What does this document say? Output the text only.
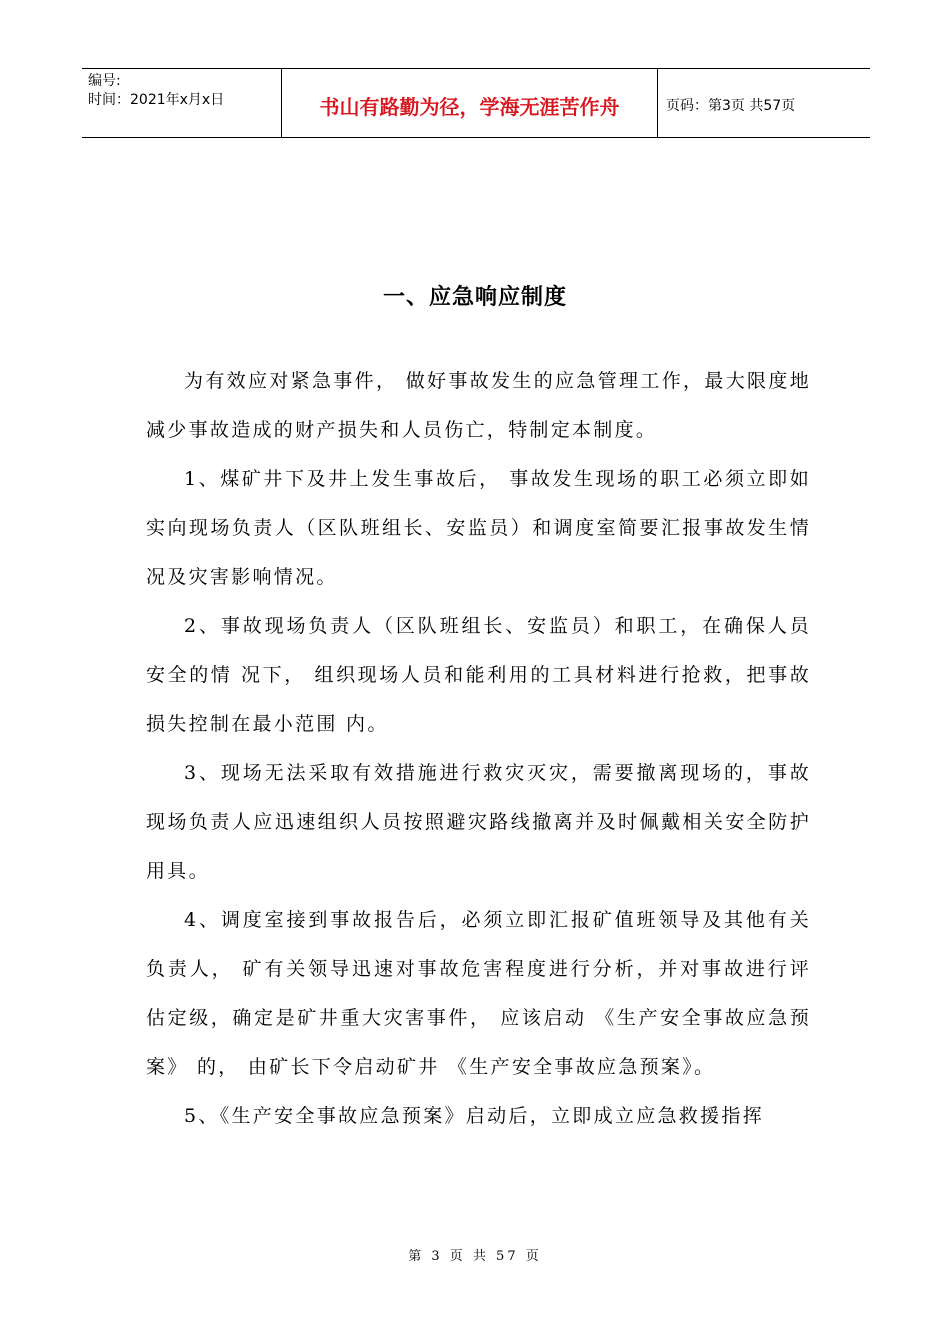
编号:
时间：2021年x月x日	书山有路勤为径，学海无涯苦作舟	页码：第3页 共57页
一、应急响应制度

为有效应对紧急事件， 做好事故发生的应急管理工作，最大限度地减少事故造成的财产损失和人员伤亡，特制定本制度。

1、煤矿井下及井上发生事故后， 事故发生现场的职工必须立即如实向现场负责人（区队班组长、安监员）和调度室简要汇报事故发生情况及灾害影响情况。

2、事故现场负责人（区队班组长、安监员）和职工，在确保人员安全的情 况下， 组织现场人员和能利用的工具材料进行抢救，把事故损失控制在最小范围 内。

3、现场无法采取有效措施进行救灾灭灾，需要撤离现场的，事故现场负责人应迅速组织人员按照避灾路线撤离并及时佩戴相关安全防护用具。

4、调度室接到事故报告后，必须立即汇报矿值班领导及其他有关负责人， 矿有关领导迅速对事故危害程度进行分析，并对事故进行评估定级，确定是矿井重大灾害事件， 应该启动 《生产安全事故应急预案》 的， 由矿长下令启动矿井 《生产安全事故应急预案》。

5、《生产安全事故应急预案》启动后，立即成立应急救援指挥

第 3 页 共 57 页
